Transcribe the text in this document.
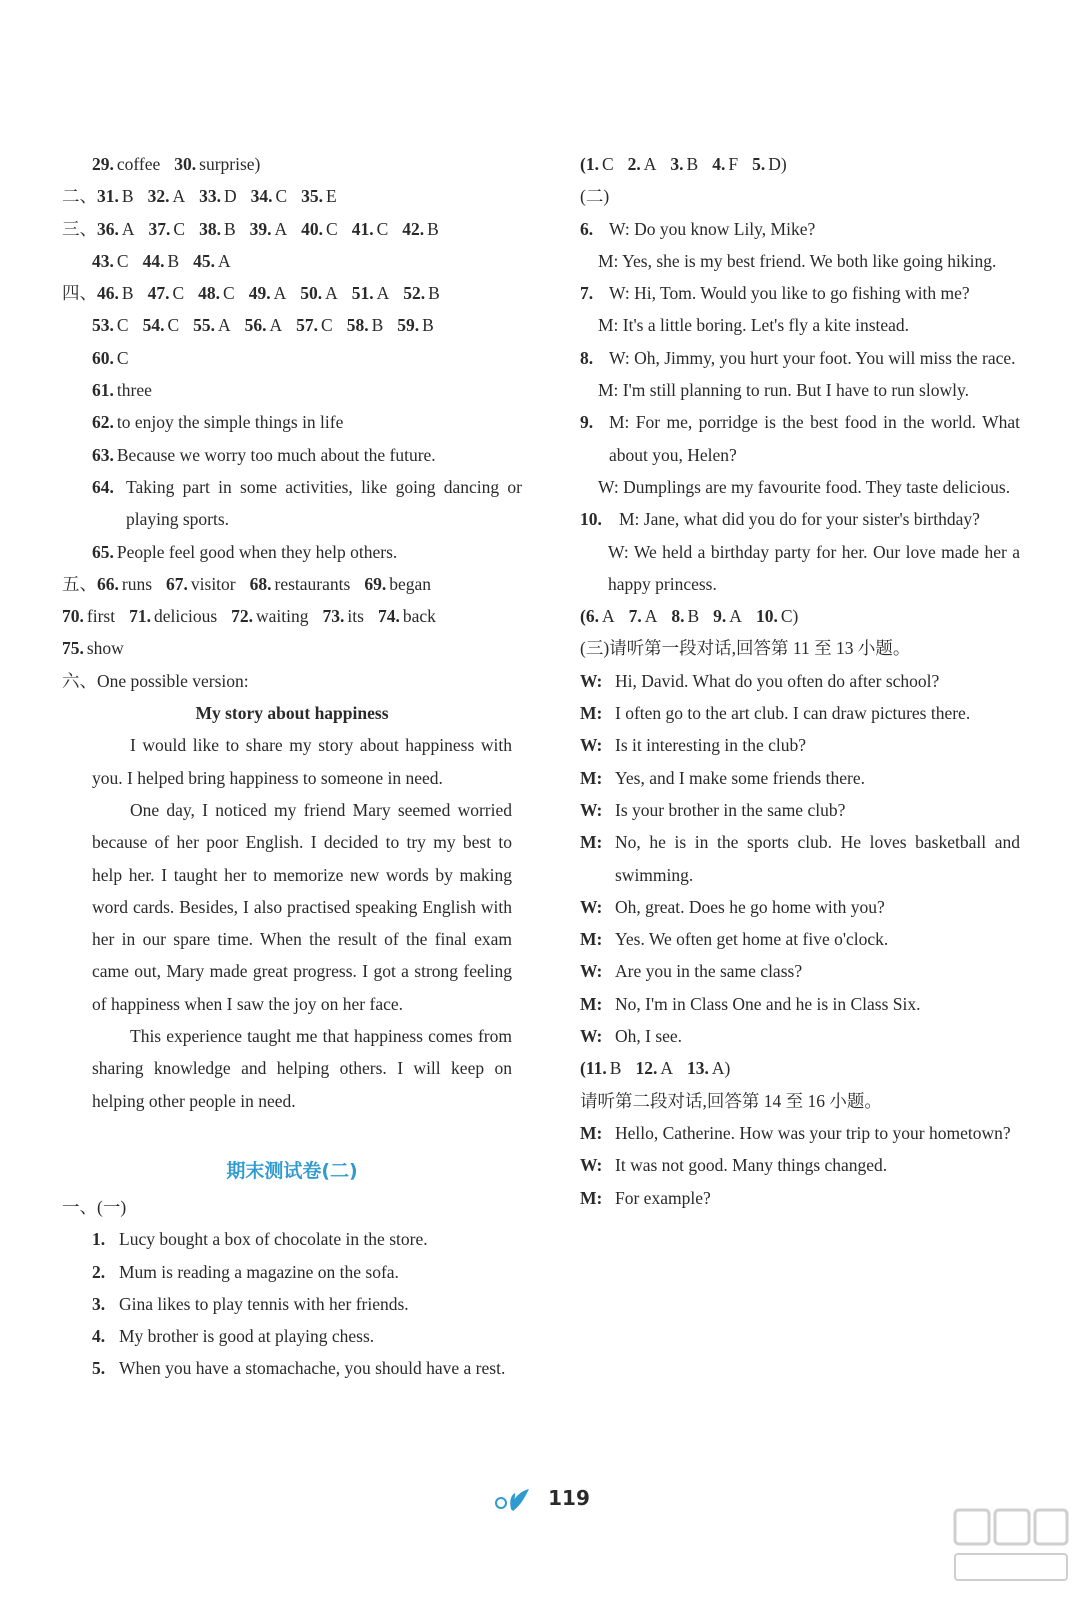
29. coffee 30. surprise)
二、31. B 32. A 33. D 34. C 35. E
三、36. A 37. C 38. B 39. A 40. C 41. C 42. B
43. C 44. B 45. A
四、46. B 47. C 48. C 49. A 50. A 51. A 52. B
53. C 54. C 55. A 56. A 57. C 58. B 59. B
60. C
61. three
62. to enjoy the simple things in life
63. Because we worry too much about the future.
64. Taking part in some activities, like going dancing or playing sports.
65. People feel good when they help others.
五、66. runs 67. visitor 68. restaurants 69. began
70. first 71. delicious 72. waiting 73. its 74. back
75. show
六、One possible version:
My story about happiness
I would like to share my story about happiness with you. I helped bring happiness to someone in need.
One day, I noticed my friend Mary seemed worried because of her poor English. I decided to try my best to help her. I taught her to memorize new words by making word cards. Besides, I also practised speaking English with her in our spare time. When the result of the final exam came out, Mary made great progress. I got a strong feeling of happiness when I saw the joy on her face.
This experience taught me that happiness comes from sharing knowledge and helping others. I will keep on helping other people in need.
期末测试卷(二)
一、(一)
1. Lucy bought a box of chocolate in the store.
2. Mum is reading a magazine on the sofa.
3. Gina likes to play tennis with her friends.
4. My brother is good at playing chess.
5. When you have a stomachache, you should have a rest.
(1. C 2. A 3. B 4. F 5. D)
(二)
6. W: Do you know Lily, Mike?
M: Yes, she is my best friend. We both like going hiking.
7. W: Hi, Tom. Would you like to go fishing with me?
M: It's a little boring. Let's fly a kite instead.
8. W: Oh, Jimmy, you hurt your foot. You will miss the race.
M: I'm still planning to run. But I have to run slowly.
9. M: For me, porridge is the best food in the world. What about you, Helen?
W: Dumplings are my favourite food. They taste delicious.
10. M: Jane, what did you do for your sister's birthday?
W: We held a birthday party for her. Our love made her a happy princess.
(6. A 7. A 8. B 9. A 10. C)
(三)请听第一段对话,回答第 11 至 13 小题。
W: Hi, David. What do you often do after school?
M: I often go to the art club. I can draw pictures there.
W: Is it interesting in the club?
M: Yes, and I make some friends there.
W: Is your brother in the same club?
M: No, he is in the sports club. He loves basketball and swimming.
W: Oh, great. Does he go home with you?
M: Yes. We often get home at five o'clock.
W: Are you in the same class?
M: No, I'm in Class One and he is in Class Six.
W: Oh, I see.
(11. B 12. A 13. A)
请听第二段对话,回答第 14 至 16 小题。
M: Hello, Catherine. How was your trip to your hometown?
W: It was not good. Many things changed.
M: For example?
119
